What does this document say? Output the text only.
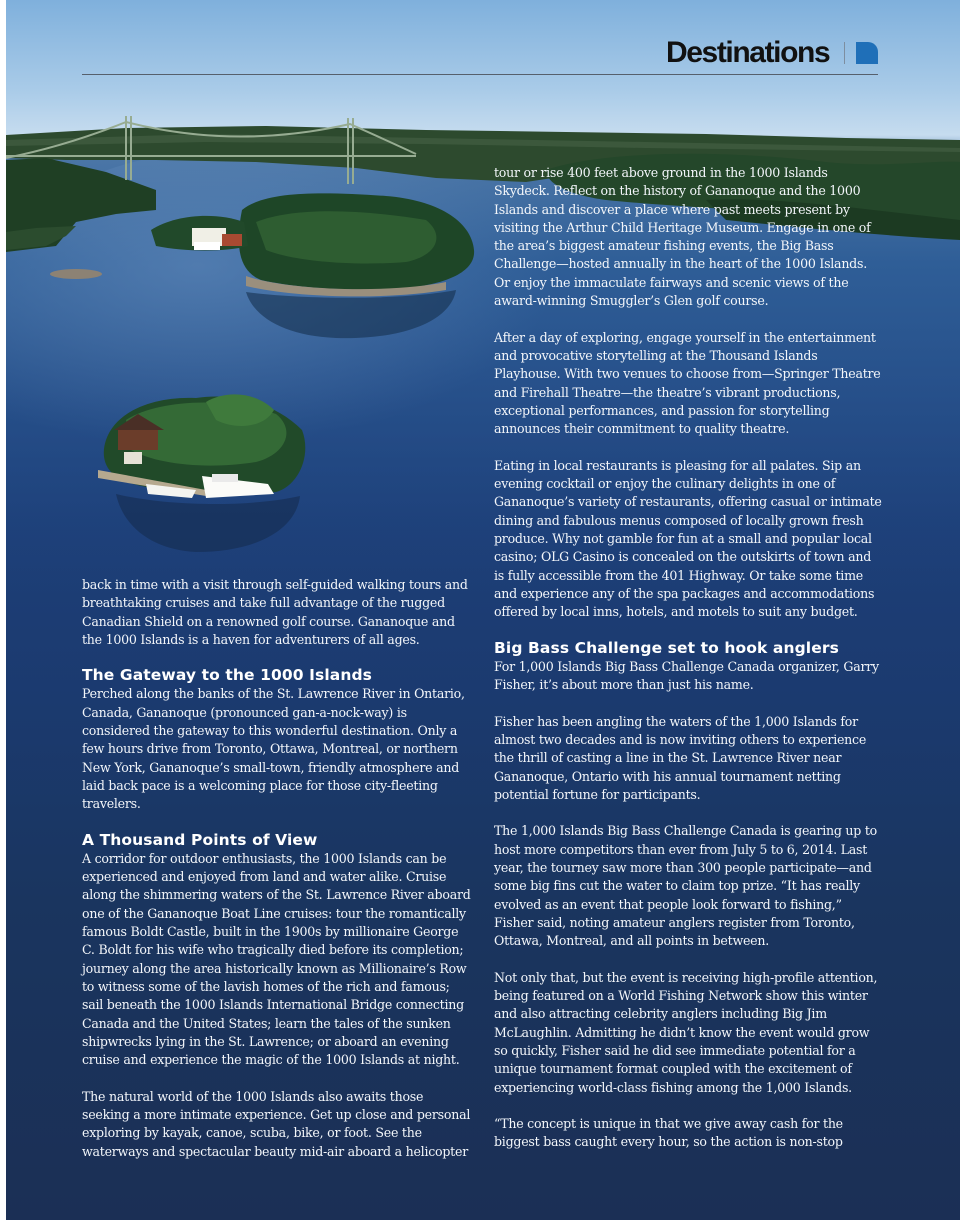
Destinations

back in time with a visit through self-guided walking tours and breathtaking cruises and take full advantage of the rugged Canadian Shield on a renowned golf course. Gananoque and the 1000 Islands is a haven for adventurers of all ages.

The Gateway to the 1000 Islands

Perched along the banks of the St. Lawrence River in Ontario, Canada, Gananoque (pronounced gan-a-nock-way) is considered the gateway to this wonderful destination. Only a few hours drive from Toronto, Ottawa, Montreal, or northern New York, Gananoque’s small-town, friendly atmosphere and laid back pace is a welcoming place for those city-fleeting travelers.

A Thousand Points of View

A corridor for outdoor enthusiasts, the 1000 Islands can be experienced and enjoyed from land and water alike. Cruise along the shimmering waters of the St. Lawrence River aboard one of the Gananoque Boat Line cruises: tour the romantically famous Boldt Castle, built in the 1900s by millionaire George C. Boldt for his wife who tragically died before its completion; journey along the area historically known as Millionaire’s Row to witness some of the lavish homes of the rich and famous; sail beneath the 1000 Islands International Bridge connecting Canada and the United States; learn the tales of the sunken shipwrecks lying in the St. Lawrence; or aboard an evening cruise and experience the magic of the 1000 Islands at night.

The natural world of the 1000 Islands also awaits those seeking a more intimate experience. Get up close and personal exploring by kayak, canoe, scuba, bike, or foot. See the waterways and spectacular beauty mid-air aboard a helicopter

tour or rise 400 feet above ground in the 1000 Islands Skydeck. Reflect on the history of Gananoque and the 1000 Islands and discover a place where past meets present by visiting the Arthur Child Heritage Museum. Engage in one of the area’s biggest amateur fishing events, the Big Bass Challenge—hosted annually in the heart of the 1000 Islands. Or enjoy the immaculate fairways and scenic views of the award-winning Smuggler’s Glen golf course.

After a day of exploring, engage yourself in the entertainment and provocative storytelling at the Thousand Islands Playhouse. With two venues to choose from—Springer Theatre and Firehall Theatre—the theatre’s vibrant productions, exceptional performances, and passion for storytelling announces their commitment to quality theatre.

Eating in local restaurants is pleasing for all palates. Sip an evening cocktail or enjoy the culinary delights in one of Gananoque’s variety of restaurants, offering casual or intimate dining and fabulous menus composed of locally grown fresh produce. Why not gamble for fun at a small and popular local casino; OLG Casino is concealed on the outskirts of town and is fully accessible from the 401 Highway. Or take some time and experience any of the spa packages and accommodations offered by local inns, hotels, and motels to suit any budget.

Big Bass Challenge set to hook anglers

For 1,000 Islands Big Bass Challenge Canada organizer, Garry Fisher, it’s about more than just his name.

Fisher has been angling the waters of the 1,000 Islands for almost two decades and is now inviting others to experience the thrill of casting a line in the St. Lawrence River near Gananoque, Ontario with his annual tournament netting potential fortune for participants.

The 1,000 Islands Big Bass Challenge Canada is gearing up to host more competitors than ever from July 5 to 6, 2014. Last year, the tourney saw more than 300 people participate—and some big fins cut the water to claim top prize. “It has really evolved as an event that people look forward to fishing,” Fisher said, noting amateur anglers register from Toronto, Ottawa, Montreal, and all points in between.

Not only that, but the event is receiving high-profile attention, being featured on a World Fishing Network show this winter and also attracting celebrity anglers including Big Jim McLaughlin. Admitting he didn’t know the event would grow so quickly, Fisher said he did see immediate potential for a unique tournament format coupled with the excitement of experiencing world-class fishing among the 1,000 Islands.

“The concept is unique in that we give away cash for the biggest bass caught every hour, so the action is non-stop
